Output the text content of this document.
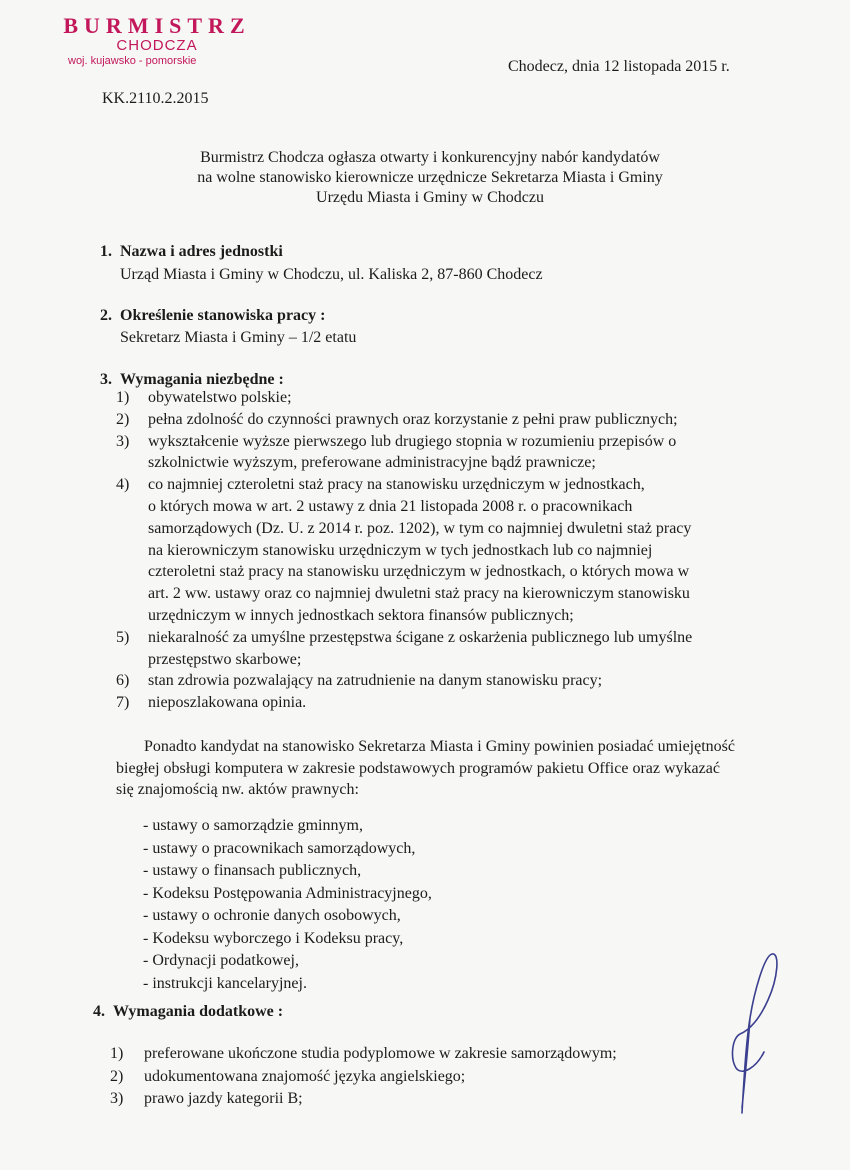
BURMISTRZ
CHODCZA
woj. kujawsko - pomorskie	Chodecz, dnia 12 listopada 2015 r.
KK.2110.2.2015
Burmistrz Chodcza ogłasza otwarty i konkurencyjny nabór kandydatów
na wolne stanowisko kierownicze urzędnicze Sekretarza Miasta i Gminy
Urzędu Miasta i Gminy w Chodczu
1. Nazwa i adres jednostki
Urząd Miasta i Gminy w Chodczu, ul. Kaliska 2, 87-860 Chodecz
2. Określenie stanowiska pracy :
Sekretarz Miasta i Gminy – 1/2 etatu
3. Wymagania niezbędne :
1)	obywatelstwo polskie;
2)	pełna zdolność do czynności prawnych oraz korzystanie z pełni praw publicznych;
3)	wykształcenie wyższe pierwszego lub drugiego stopnia w rozumieniu przepisów o
szkolnictwie wyższym, preferowane administracyjne bądź prawnicze;
4)	co najmniej czteroletni staż pracy na stanowisku urzędniczym w jednostkach,
o których mowa w art. 2 ustawy z dnia 21 listopada 2008 r. o pracownikach
samorządowych (Dz. U. z 2014 r. poz. 1202), w tym co najmniej dwuletni staż pracy
na kierowniczym stanowisku urzędniczym w tych jednostkach lub co najmniej
czteroletni staż pracy na stanowisku urzędniczym w jednostkach, o których mowa w
art. 2 ww. ustawy oraz co najmniej dwuletni staż pracy na kierowniczym stanowisku
urzędniczym w innych jednostkach sektora finansów publicznych;
5)	niekaralność za umyślne przestępstwa ścigane z oskarżenia publicznego lub umyślne
przestępstwo skarbowe;
6)	stan zdrowia pozwalający na zatrudnienie na danym stanowisku pracy;
7)	nieposzlakowana opinia.
Ponadto kandydat na stanowisko Sekretarza Miasta i Gminy powinien posiadać umiejętność biegłej obsługi komputera w zakresie podstawowych programów pakietu Office oraz wykazać się znajomością nw. aktów prawnych:
- ustawy o samorządzie gminnym,
- ustawy o pracownikach samorządowych,
- ustawy o finansach publicznych,
- Kodeksu Postępowania Administracyjnego,
- ustawy o ochronie danych osobowych,
- Kodeksu wyborczego i Kodeksu pracy,
- Ordynacji podatkowej,
- instrukcji kancelaryjnej.
4. Wymagania dodatkowe :
1)	preferowane ukończone studia podyplomowe w zakresie samorządowym;
2)	udokumentowana znajomość języka angielskiego;
3)	prawo jazdy kategorii B;
